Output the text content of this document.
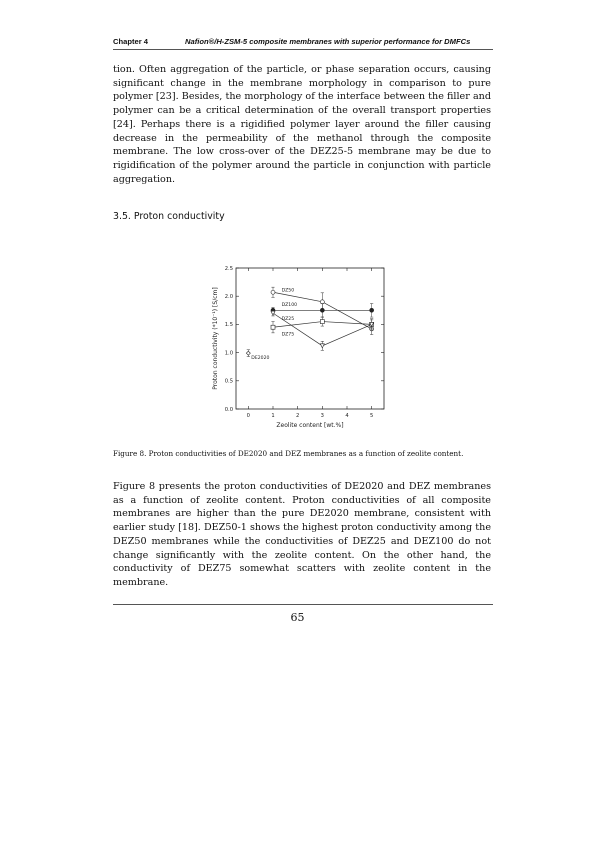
Chapter 4	Nafion®/H-ZSM-5 composite membranes with superior performance for DMFCs

tion. Often aggregation of the particle, or phase separation occurs, causing significant change in the membrane morphology in comparison to pure polymer [23]. Besides, the morphology of the interface between the filler and polymer can be a critical determination of the overall transport properties [24]. Perhaps there is a rigidified polymer layer around the filler causing decrease in the permeability of the methanol through the composite membrane. The low cross-over of the DEZ25-5 membrane may be due to rigidification of the polymer around the particle in conjunction with particle aggregation.

3.5. Proton conductivity
0	1	2	3	4	5
0.0
0.5
1.0
1.5
2.0
2.5
DZ50
DZ100
DZ25
DZ75
DE2020
Zeolite content [wt.%]
Proton conductivity (*10⁻¹) [S/cm]

Figure 8. Proton conductivities of DE2020 and DEZ membranes as a function of zeolite content.

Figure 8 presents the proton conductivities of DE2020 and DEZ membranes as a function of zeolite content. Proton conductivities of all composite membranes are higher than the pure DE2020 membrane, consistent with earlier study [18]. DEZ50-1 shows the highest proton conductivity among the DEZ50 membranes while the conductivities of DEZ25 and DEZ100 do not change significantly with the zeolite content. On the other hand, the conductivity of DEZ75 somewhat scatters with zeolite content in the membrane.

65
